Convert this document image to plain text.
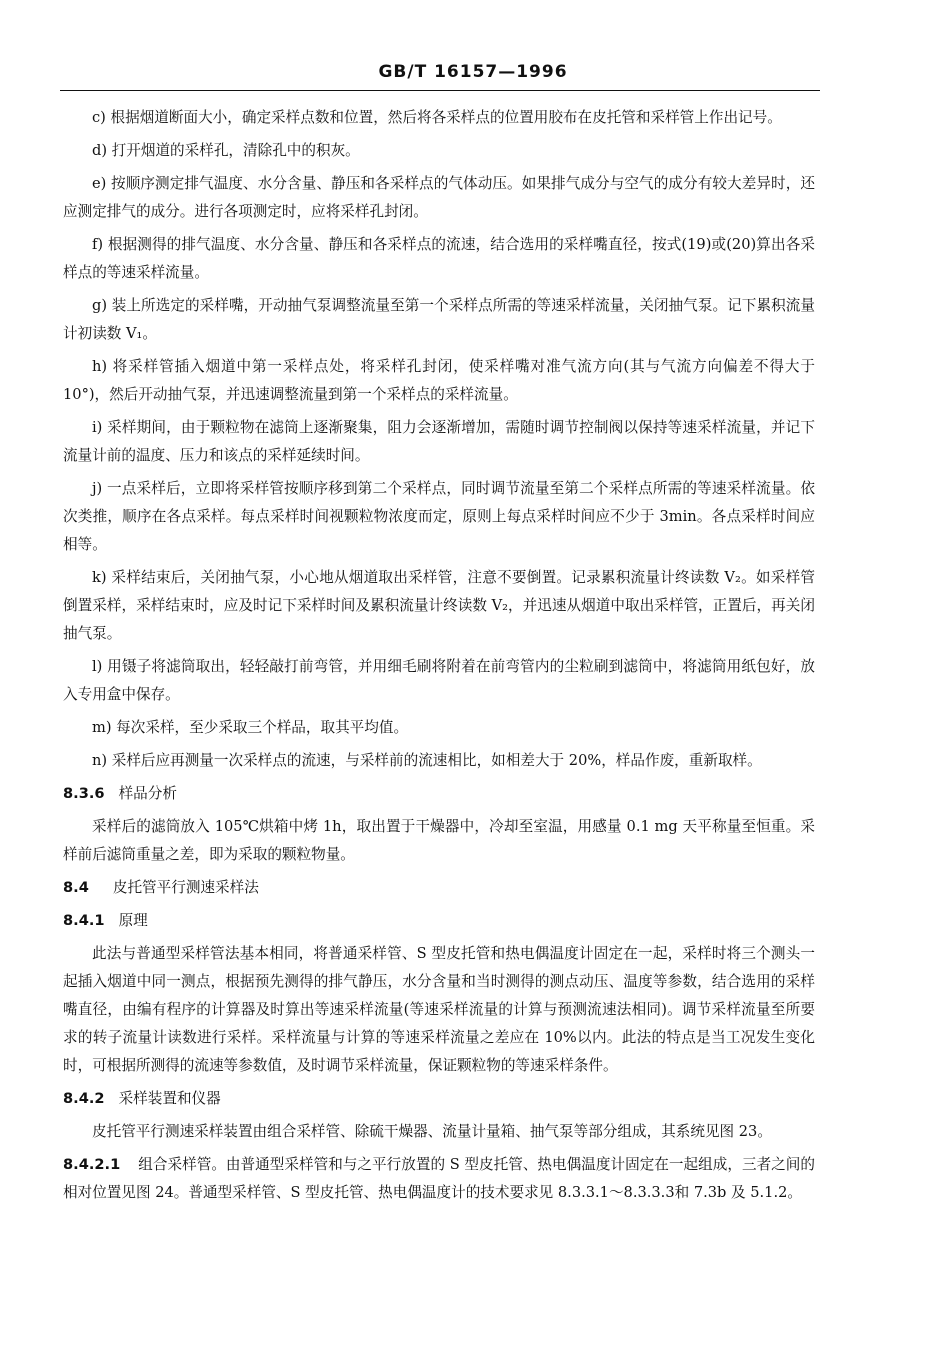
GB/T 16157—1996

c) 根据烟道断面大小，确定采样点数和位置，然后将各采样点的位置用胶布在皮托管和采样管上作出记号。

d) 打开烟道的采样孔，清除孔中的积灰。

e) 按顺序测定排气温度、水分含量、静压和各采样点的气体动压。如果排气成分与空气的成分有较大差异时，还应测定排气的成分。进行各项测定时，应将采样孔封闭。

f) 根据测得的排气温度、水分含量、静压和各采样点的流速，结合选用的采样嘴直径，按式(19)或(20)算出各采样点的等速采样流量。

g) 装上所选定的采样嘴，开动抽气泵调整流量至第一个采样点所需的等速采样流量，关闭抽气泵。记下累积流量计初读数 V₁。

h) 将采样管插入烟道中第一采样点处，将采样孔封闭，使采样嘴对准气流方向(其与气流方向偏差不得大于 10°)，然后开动抽气泵，并迅速调整流量到第一个采样点的采样流量。

i) 采样期间，由于颗粒物在滤筒上逐渐聚集，阻力会逐渐增加，需随时调节控制阀以保持等速采样流量，并记下流量计前的温度、压力和该点的采样延续时间。

j) 一点采样后，立即将采样管按顺序移到第二个采样点，同时调节流量至第二个采样点所需的等速采样流量。依次类推，顺序在各点采样。每点采样时间视颗粒物浓度而定，原则上每点采样时间应不少于 3min。各点采样时间应相等。

k) 采样结束后，关闭抽气泵，小心地从烟道取出采样管，注意不要倒置。记录累积流量计终读数 V₂。如采样管倒置采样，采样结束时，应及时记下采样时间及累积流量计终读数 V₂，并迅速从烟道中取出采样管，正置后，再关闭抽气泵。

l) 用镊子将滤筒取出，轻轻敲打前弯管，并用细毛刷将附着在前弯管内的尘粒刷到滤筒中，将滤筒用纸包好，放入专用盒中保存。

m) 每次采样，至少采取三个样品，取其平均值。

n) 采样后应再测量一次采样点的流速，与采样前的流速相比，如相差大于 20%，样品作废，重新取样。

8.3.6 样品分析

采样后的滤筒放入 105℃烘箱中烤 1h，取出置于干燥器中，冷却至室温，用感量 0.1 mg 天平称量至恒重。采样前后滤筒重量之差，即为采取的颗粒物量。

8.4 皮托管平行测速采样法
8.4.1 原理

此法与普通型采样管法基本相同，将普通采样管、S 型皮托管和热电偶温度计固定在一起，采样时将三个测头一起插入烟道中同一测点，根据预先测得的排气静压，水分含量和当时测得的测点动压、温度等参数，结合选用的采样嘴直径，由编有程序的计算器及时算出等速采样流量(等速采样流量的计算与预测流速法相同)。调节采样流量至所要求的转子流量计读数进行采样。采样流量与计算的等速采样流量之差应在 10%以内。此法的特点是当工况发生变化时，可根据所测得的流速等参数值，及时调节采样流量，保证颗粒物的等速采样条件。

8.4.2 采样装置和仪器

皮托管平行测速采样装置由组合采样管、除硫干燥器、流量计量箱、抽气泵等部分组成，其系统见图 23。

8.4.2.1 组合采样管。由普通型采样管和与之平行放置的 S 型皮托管、热电偶温度计固定在一起组成，三者之间的相对位置见图 24。普通型采样管、S 型皮托管、热电偶温度计的技术要求见 8.3.3.1～8.3.3.3和 7.3b 及 5.1.2。
